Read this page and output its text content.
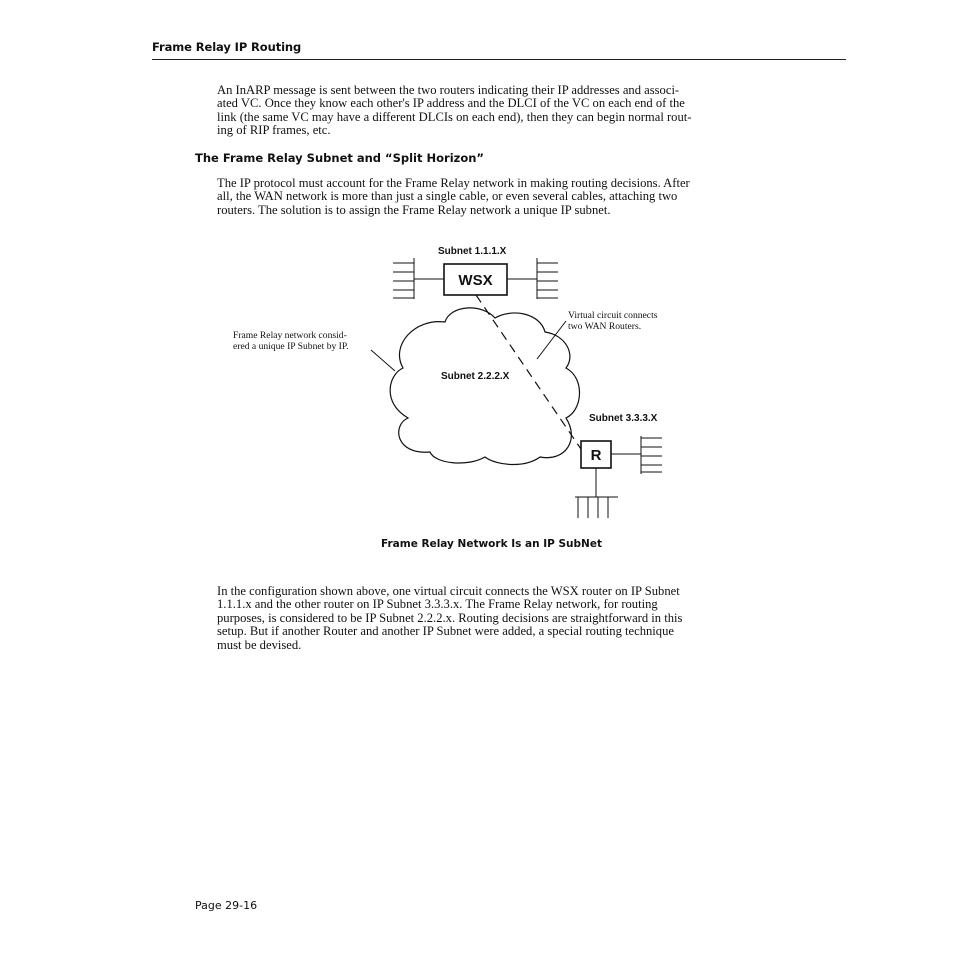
Frame Relay IP Routing
An InARP message is sent between the two routers indicating their IP addresses and associ-
ated VC. Once they know each other's IP address and the DLCI of the VC on each end of the
link (the same VC may have a different DLCIs on each end), then they can begin normal rout-
ing of RIP frames, etc.
The Frame Relay Subnet and “Split Horizon”
The IP protocol must account for the Frame Relay network in making routing decisions. After
all, the WAN network is more than just a single cable, or even several cables, attaching two
routers. The solution is to assign the Frame Relay network a unique IP subnet.
Subnet 1.1.1.X
WSX
Subnet 2.2.2.X
Frame Relay network consid-
ered a unique IP Subnet by IP.
Virtual circuit connects
two WAN Routers.
Subnet 3.3.3.X
R
Frame Relay Network Is an IP SubNet
In the configuration shown above, one virtual circuit connects the WSX router on IP Subnet
1.1.1.x and the other router on IP Subnet 3.3.3.x. The Frame Relay network, for routing
purposes, is considered to be IP Subnet 2.2.2.x. Routing decisions are straightforward in this
setup. But if another Router and another IP Subnet were added, a special routing technique
must be devised.
Page 29-16
